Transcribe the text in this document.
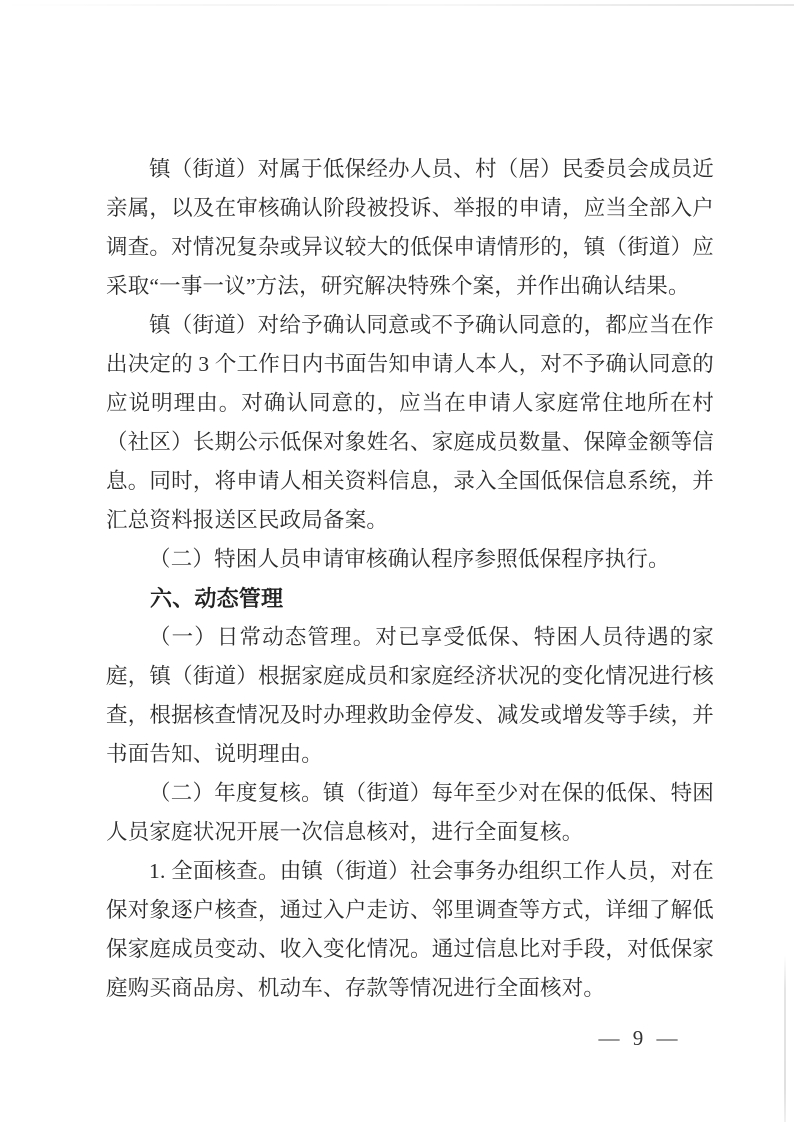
镇（街道）对属于低保经办人员、村（居）民委员会成员近亲属，以及在审核确认阶段被投诉、举报的申请，应当全部入户调查。对情况复杂或异议较大的低保申请情形的，镇（街道）应采取“一事一议”方法，研究解决特殊个案，并作出确认结果。

镇（街道）对给予确认同意或不予确认同意的，都应当在作出决定的 3 个工作日内书面告知申请人本人，对不予确认同意的应说明理由。对确认同意的，应当在申请人家庭常住地所在村（社区）长期公示低保对象姓名、家庭成员数量、保障金额等信息。同时，将申请人相关资料信息，录入全国低保信息系统，并汇总资料报送区民政局备案。

（二）特困人员申请审核确认程序参照低保程序执行。

六、动态管理

（一）日常动态管理。对已享受低保、特困人员待遇的家庭，镇（街道）根据家庭成员和家庭经济状况的变化情况进行核查，根据核查情况及时办理救助金停发、减发或增发等手续，并书面告知、说明理由。

（二）年度复核。镇（街道）每年至少对在保的低保、特困人员家庭状况开展一次信息核对，进行全面复核。

1. 全面核查。由镇（街道）社会事务办组织工作人员，对在保对象逐户核查，通过入户走访、邻里调查等方式，详细了解低保家庭成员变动、收入变化情况。通过信息比对手段，对低保家庭购买商品房、机动车、存款等情况进行全面核对。

— 9 —
